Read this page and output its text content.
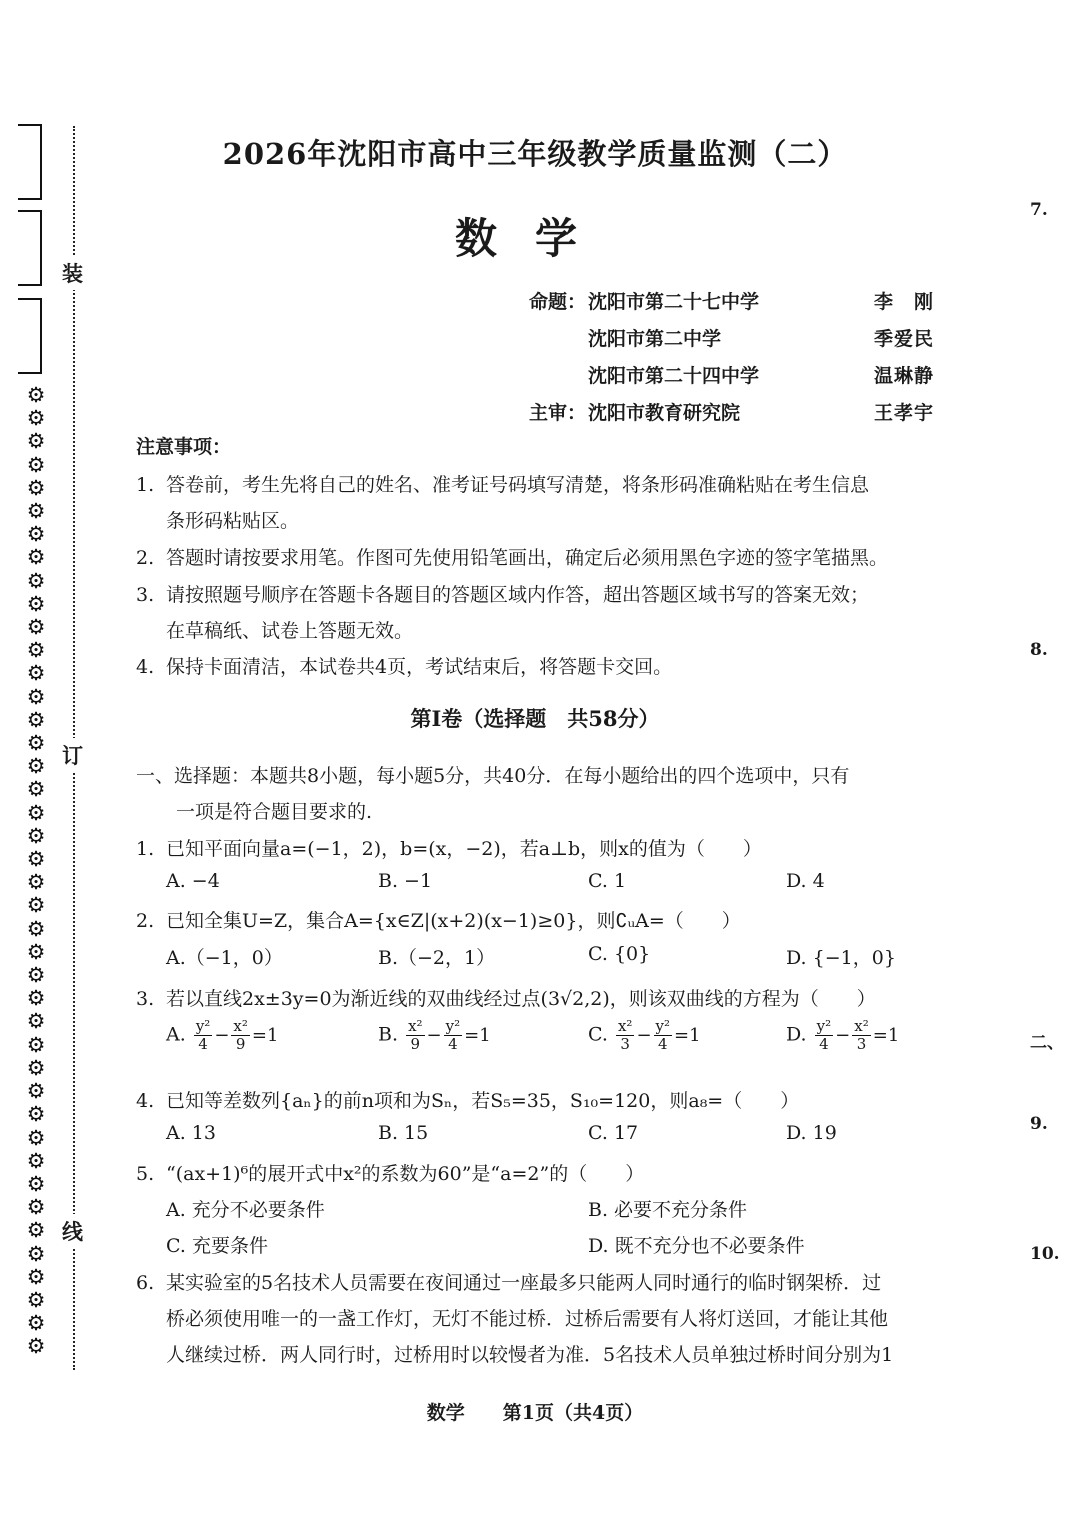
⚙
⚙
⚙
⚙
⚙
⚙
⚙
⚙
⚙
⚙
⚙
⚙
⚙
⚙
⚙
⚙
⚙
⚙
⚙
⚙
⚙
⚙
⚙
⚙
⚙
⚙
⚙
⚙
⚙
⚙
⚙
⚙
⚙
⚙
⚙
⚙
⚙
⚙
⚙
⚙
⚙
⚙
装
订
线
7.
8.
二、
9.
10.
2026年沈阳市高中三年级教学质量监测（二）
数学
命题： 沈阳市第二十七中学	李　刚
沈阳市第二中学	季爱民
沈阳市第二十四中学	温琳静
主审： 沈阳市教育研究院	王孝宇
注意事项：
1. 答卷前，考生先将自己的姓名、准考证号码填写清楚，将条形码准确粘贴在考生信息
条形码粘贴区。
2. 答题时请按要求用笔。作图可先使用铅笔画出，确定后必须用黑色字迹的签字笔描黑。
3. 请按照题号顺序在答题卡各题目的答题区域内作答，超出答题区域书写的答案无效；
在草稿纸、试卷上答题无效。
4. 保持卡面清洁，本试卷共4页，考试结束后，将答题卡交回。
第Ⅰ卷（选择题　共58分）
一、选择题：本题共8小题，每小题5分，共40分．在每小题给出的四个选项中，只有
一项是符合题目要求的.
1. 已知平面向量a=(−1，2)，b=(x，−2)，若a⊥b，则x的值为（　　）
A. −4	B. −1	C. 1	D. 4
2. 已知全集U=Z，集合A={x∈Z|(x+2)(x−1)≥0}，则∁ᵤA=（　　）
A.（−1，0）	B.（−2，1）	C. {0}	D. {−1，0}
3. 若以直线2x±3y=0为渐近线的双曲线经过点(3√2,2)，则该双曲线的方程为（　　）
A. $\frac{\text{y²}}{4} - \frac{\text{x²}}{9} =1$	B. $\frac{\text{x²}}{9} - \frac{\text{y²}}{4} =1$	C. $\frac{\text{x²}}{3} - \frac{\text{y²}}{4} =1$	D. $\frac{\text{y²}}{4} - \frac{\text{x²}}{3} =1$
4. 已知等差数列{aₙ}的前n项和为Sₙ，若S₅=35，S₁₀=120，则a₈=（　　）
A. 13	B. 15	C. 17	D. 19
5. “(ax+1)⁶的展开式中x²的系数为60”是“a=2”的（　　）
A. 充分不必要条件	B. 必要不充分条件
C. 充要条件	D. 既不充分也不必要条件
6. 某实验室的5名技术人员需要在夜间通过一座最多只能两人同时通行的临时钢架桥．过
桥必须使用唯一的一盏工作灯，无灯不能过桥．过桥后需要有人将灯送回，才能让其他
人继续过桥．两人同行时，过桥用时以较慢者为准．5名技术人员单独过桥时间分别为1
数学　　第1页（共4页）
